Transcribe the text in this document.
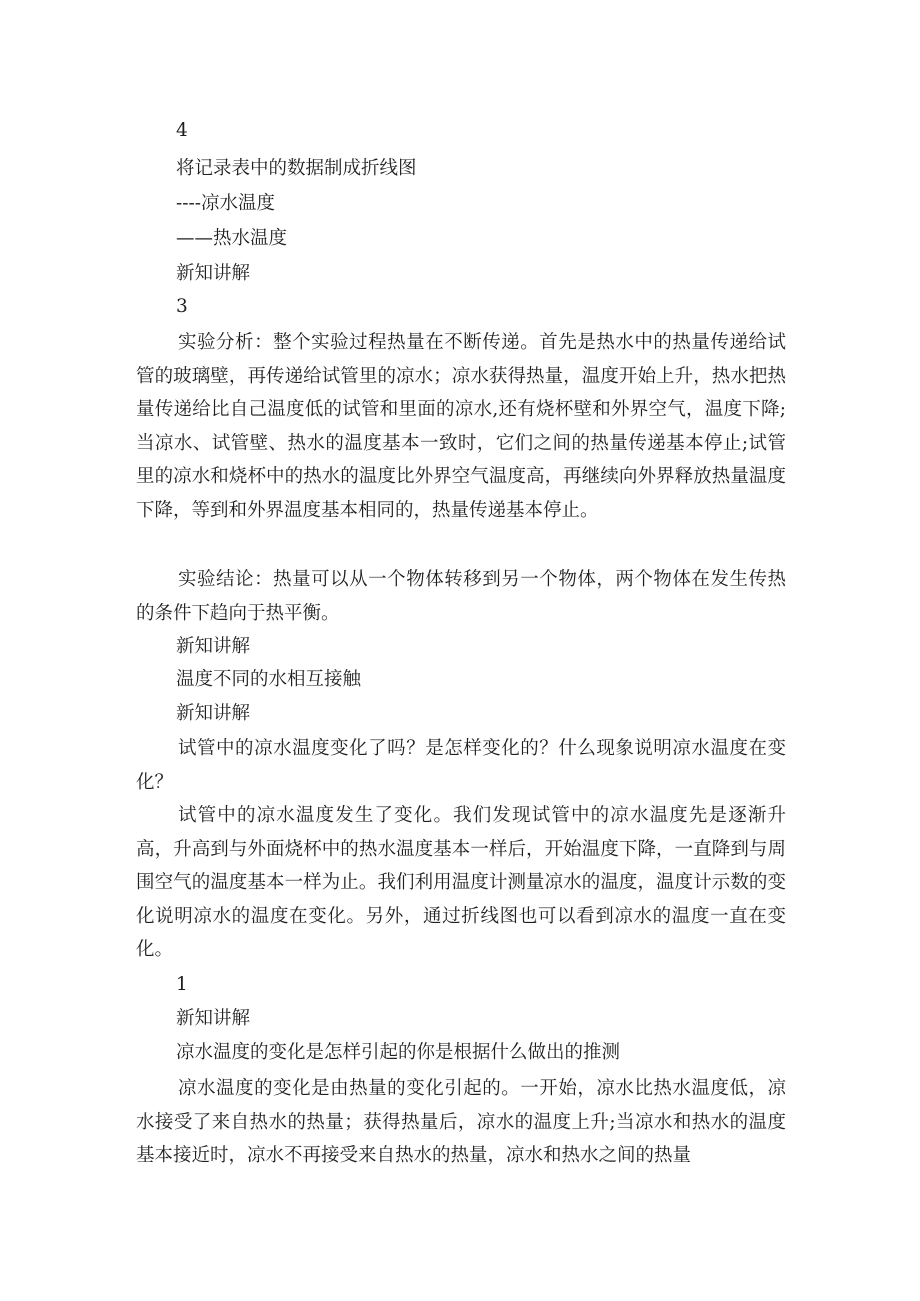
4
将记录表中的数据制成折线图
----凉水温度
——热水温度
新知讲解
3
实验分析：整个实验过程热量在不断传递。首先是热水中的热量传递给试管的玻璃壁，再传递给试管里的凉水；凉水获得热量，温度开始上升，热水把热量传递给比自己温度低的试管和里面的凉水,还有烧杯壁和外界空气，温度下降;当凉水、试管壁、热水的温度基本一致时，它们之间的热量传递基本停止;试管里的凉水和烧杯中的热水的温度比外界空气温度高，再继续向外界释放热量温度下降，等到和外界温度基本相同的，热量传递基本停止。
实验结论：热量可以从一个物体转移到另一个物体，两个物体在发生传热的条件下趋向于热平衡。
新知讲解
温度不同的水相互接触
新知讲解
试管中的凉水温度变化了吗？是怎样变化的？什么现象说明凉水温度在变化？
试管中的凉水温度发生了变化。我们发现试管中的凉水温度先是逐渐升高，升高到与外面烧杯中的热水温度基本一样后，开始温度下降，一直降到与周围空气的温度基本一样为止。我们利用温度计测量凉水的温度，温度计示数的变化说明凉水的温度在变化。另外，通过折线图也可以看到凉水的温度一直在变化。
1
新知讲解
凉水温度的变化是怎样引起的你是根据什么做出的推测
凉水温度的变化是由热量的变化引起的。一开始，凉水比热水温度低，凉水接受了来自热水的热量；获得热量后，凉水的温度上升;当凉水和热水的温度基本接近时，凉水不再接受来自热水的热量，凉水和热水之间的热量
